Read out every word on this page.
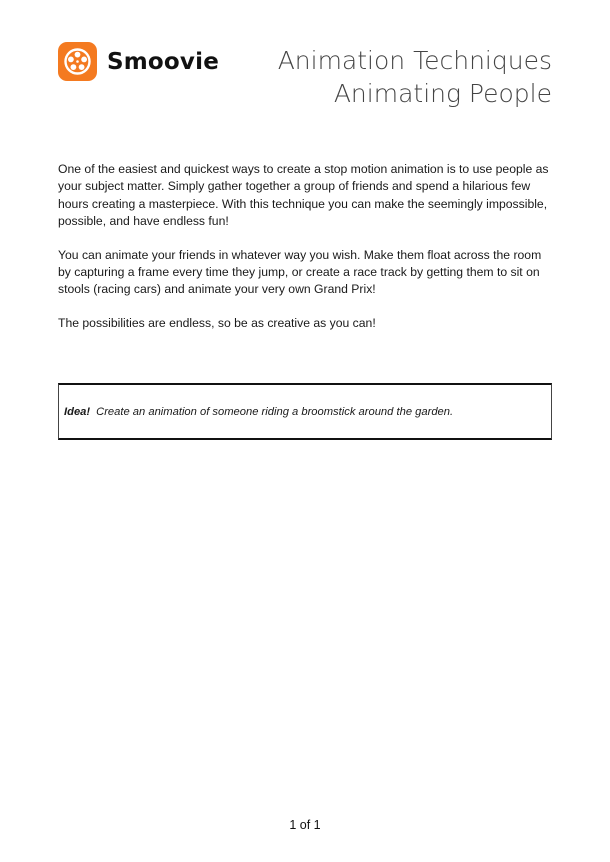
Smoovie Animation Techniques
Animating People

One of the easiest and quickest ways to create a stop motion animation is to use people as your subject matter. Simply gather together a group of friends and spend a hilarious few hours creating a masterpiece. With this technique you can make the seemingly impossible, possible, and have endless fun!

You can animate your friends in whatever way you wish. Make them float across the room by capturing a frame every time they jump, or create a race track by getting them to sit on stools (racing cars) and animate your very own Grand Prix!

The possibilities are endless, so be as creative as you can!

Idea! Create an animation of someone riding a broomstick around the garden.
1 of 1
